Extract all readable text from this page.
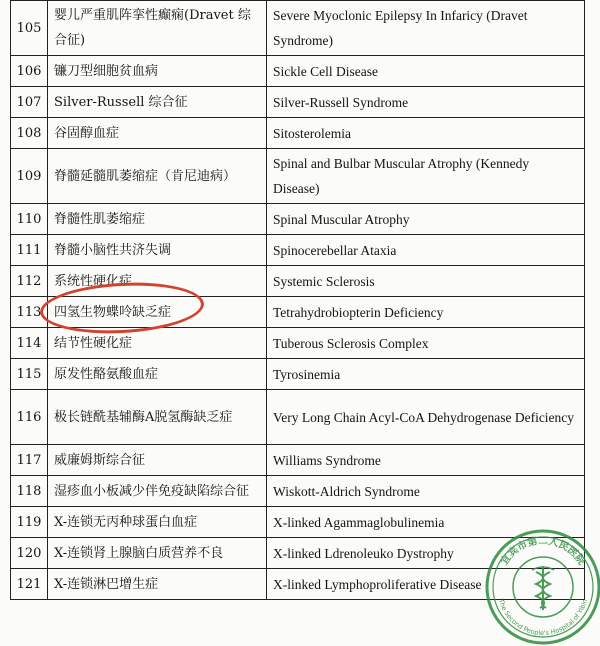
105	婴儿严重肌阵挛性癫痫(Dravet 综合征)	Severe Myoclonic Epilepsy In Infaricy (Dravet Syndrome)
106	镰刀型细胞贫血病	Sickle Cell Disease
107	Silver-Russell 综合征	Silver-Russell Syndrome
108	谷固醇血症	Sitosterolemia
109	脊髓延髓肌萎缩症（肯尼迪病）	Spinal and Bulbar Muscular Atrophy (Kennedy Disease)
110	脊髓性肌萎缩症	Spinal Muscular Atrophy
111	脊髓小脑性共济失调	Spinocerebellar Ataxia
112	系统性硬化症	Systemic Sclerosis
113	四氢生物蝶呤缺乏症	Tetrahydrobiopterin Deficiency
114	结节性硬化症	Tuberous Sclerosis Complex
115	原发性酪氨酸血症	Tyrosinemia
116	极长链酰基辅酶A脱氢酶缺乏症	Very Long Chain Acyl-CoA Dehydrogenase Deficiency
117	威廉姆斯综合征	Williams Syndrome
118	湿疹血小板减少伴免疫缺陷综合征	Wiskott-Aldrich Syndrome
119	X-连锁无丙种球蛋白血症	X-linked Agammaglobulinemia
120	X-连锁肾上腺脑白质营养不良	X-linked Ldrenoleuko Dystrophy
121	X-连锁淋巴增生症	X-linked Lymphoproliferative Disease
宜宾市第二人民医院
The Second People's Hospital of Yibin
